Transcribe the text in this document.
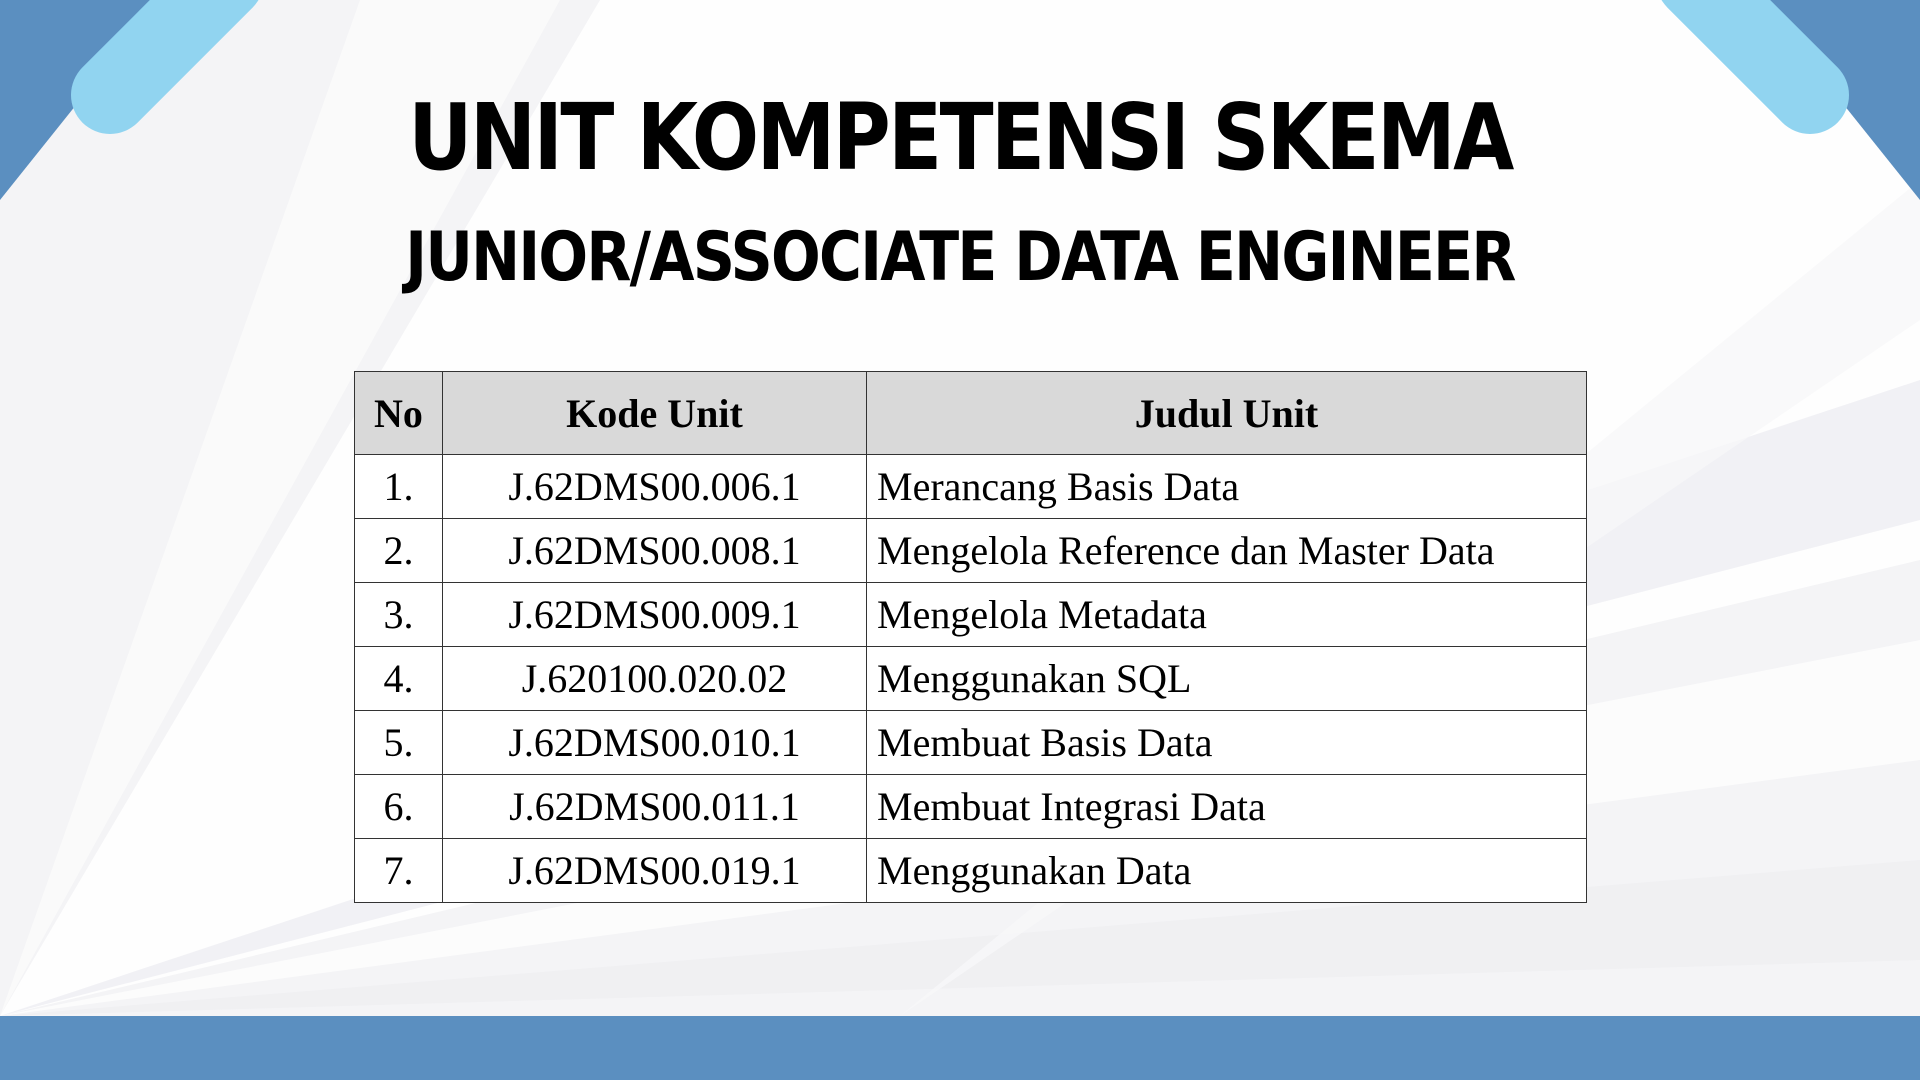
UNIT KOMPETENSI SKEMA
JUNIOR/ASSOCIATE DATA ENGINEER
No	Kode Unit	Judul Unit
1.	J.62DMS00.006.1	Merancang Basis Data
2.	J.62DMS00.008.1	Mengelola Reference dan Master Data
3.	J.62DMS00.009.1	Mengelola Metadata
4.	J.620100.020.02	Menggunakan SQL
5.	J.62DMS00.010.1	Membuat Basis Data
6.	J.62DMS00.011.1	Membuat Integrasi Data
7.	J.62DMS00.019.1	Menggunakan Data
